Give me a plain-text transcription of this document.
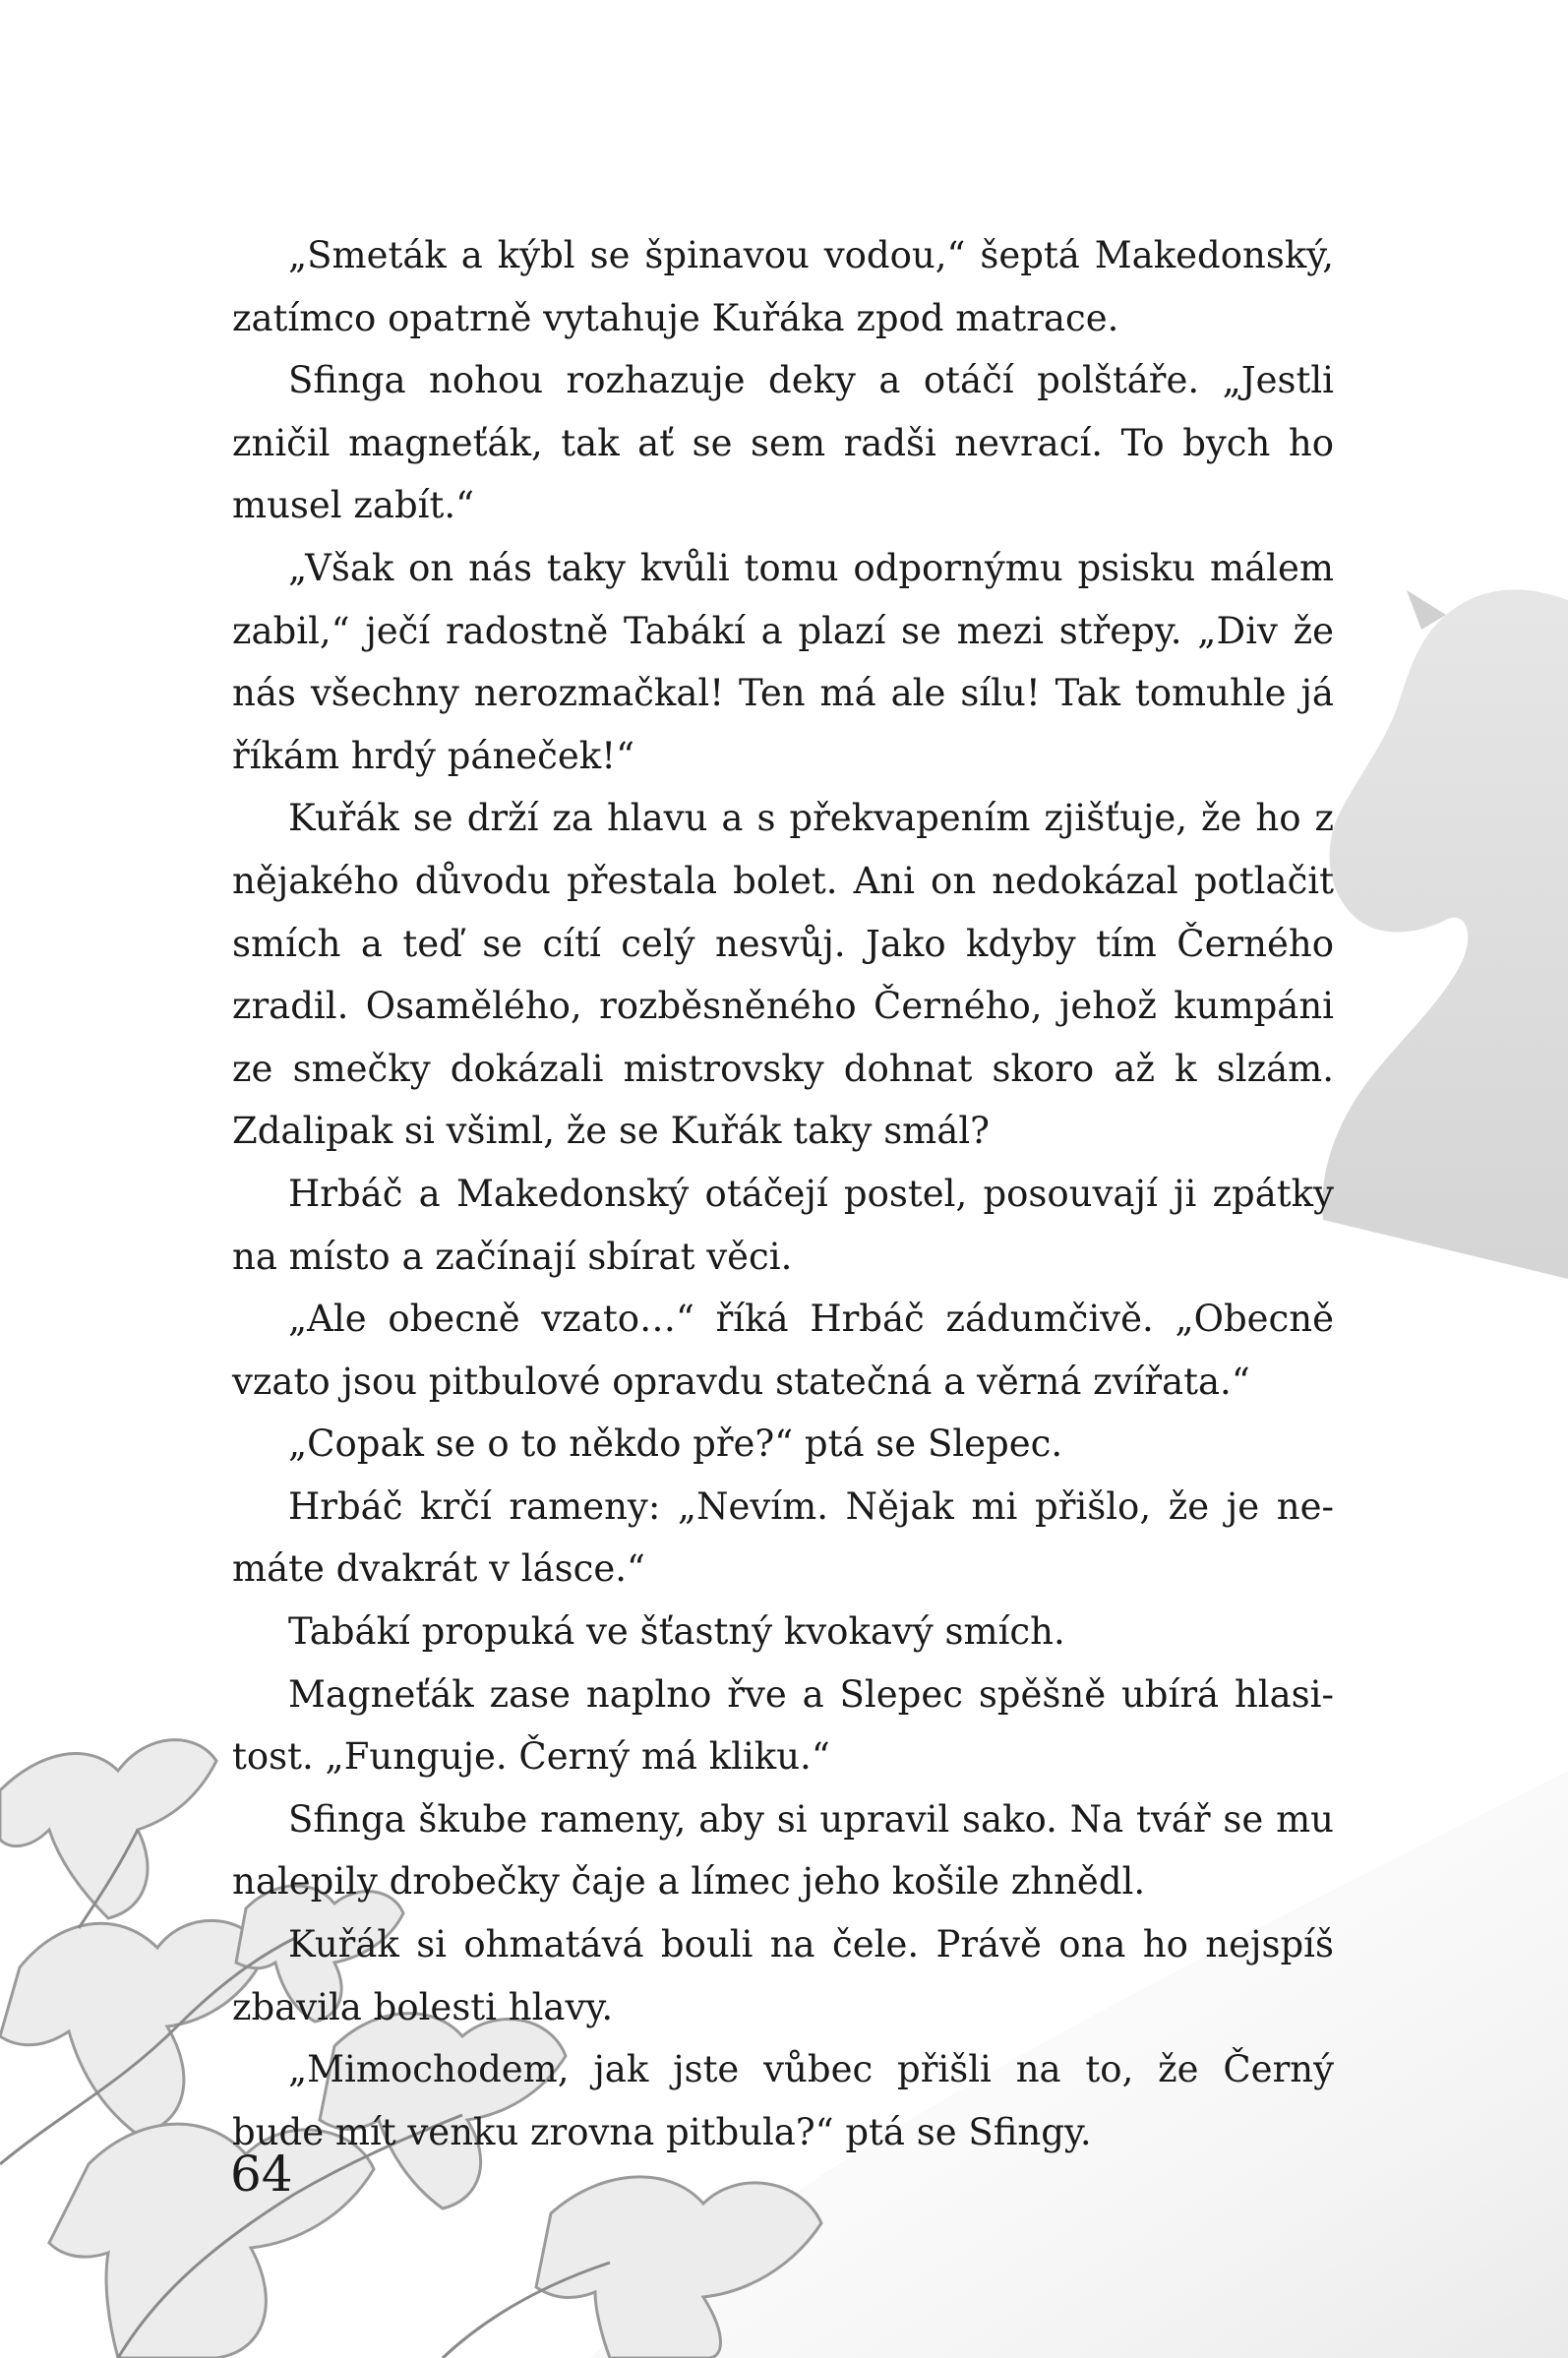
„Smeták a kýbl se špinavou vodou,“ šeptá Makedonský, zatímco opatrně vytahuje Kuřáka zpod matrace.

Sfinga nohou rozhazuje deky a otáčí polštáře. „Jestli zničil magneťák, tak ať se sem radši nevrací. To bych ho musel zabít.“

„Však on nás taky kvůli tomu odpornýmu psisku málem zabil,“ ječí radostně Tabákí a plazí se mezi střepy. „Div že nás všechny nerozmačkal! Ten má ale sílu! Tak tomuhle já říkám hrdý páneček!“

Kuřák se drží za hlavu a s překvapením zjišťuje, že ho z nějakého důvodu přestala bolet. Ani on nedokázal potlačit smích a teď se cítí celý nesvůj. Jako kdyby tím Černého zradil. Osamělého, rozběsněného Černého, jehož kumpáni ze smečky dokázali mistrovsky dohnat skoro až k slzám. Zdalipak si všiml, že se Kuřák taky smál?

Hrbáč a Makedonský otáčejí postel, posouvají ji zpátky na místo a začínají sbírat věci.

„Ale obecně vzato…“ říká Hrbáč zádumčivě. „Obecně vzato jsou pitbulové opravdu statečná a věrná zvířata.“

„Copak se o to někdo pře?“ ptá se Slepec.

Hrbáč krčí rameny: „Nevím. Nějak mi přišlo, že je nemáte dvakrát v lásce.“

Tabákí propuká ve šťastný kvokavý smích.

Magneťák zase naplno řve a Slepec spěšně ubírá hlasitost. „Funguje. Černý má kliku.“

Sfinga škube rameny, aby si upravil sako. Na tvář se mu nalepily drobečky čaje a límec jeho košile zhnědl.

Kuřák si ohmatává bouli na čele. Právě ona ho nejspíš zbavila bolesti hlavy.

„Mimochodem, jak jste vůbec přišli na to, že Černý bude mít venku zrovna pitbula?“ ptá se Sfingy.

64
